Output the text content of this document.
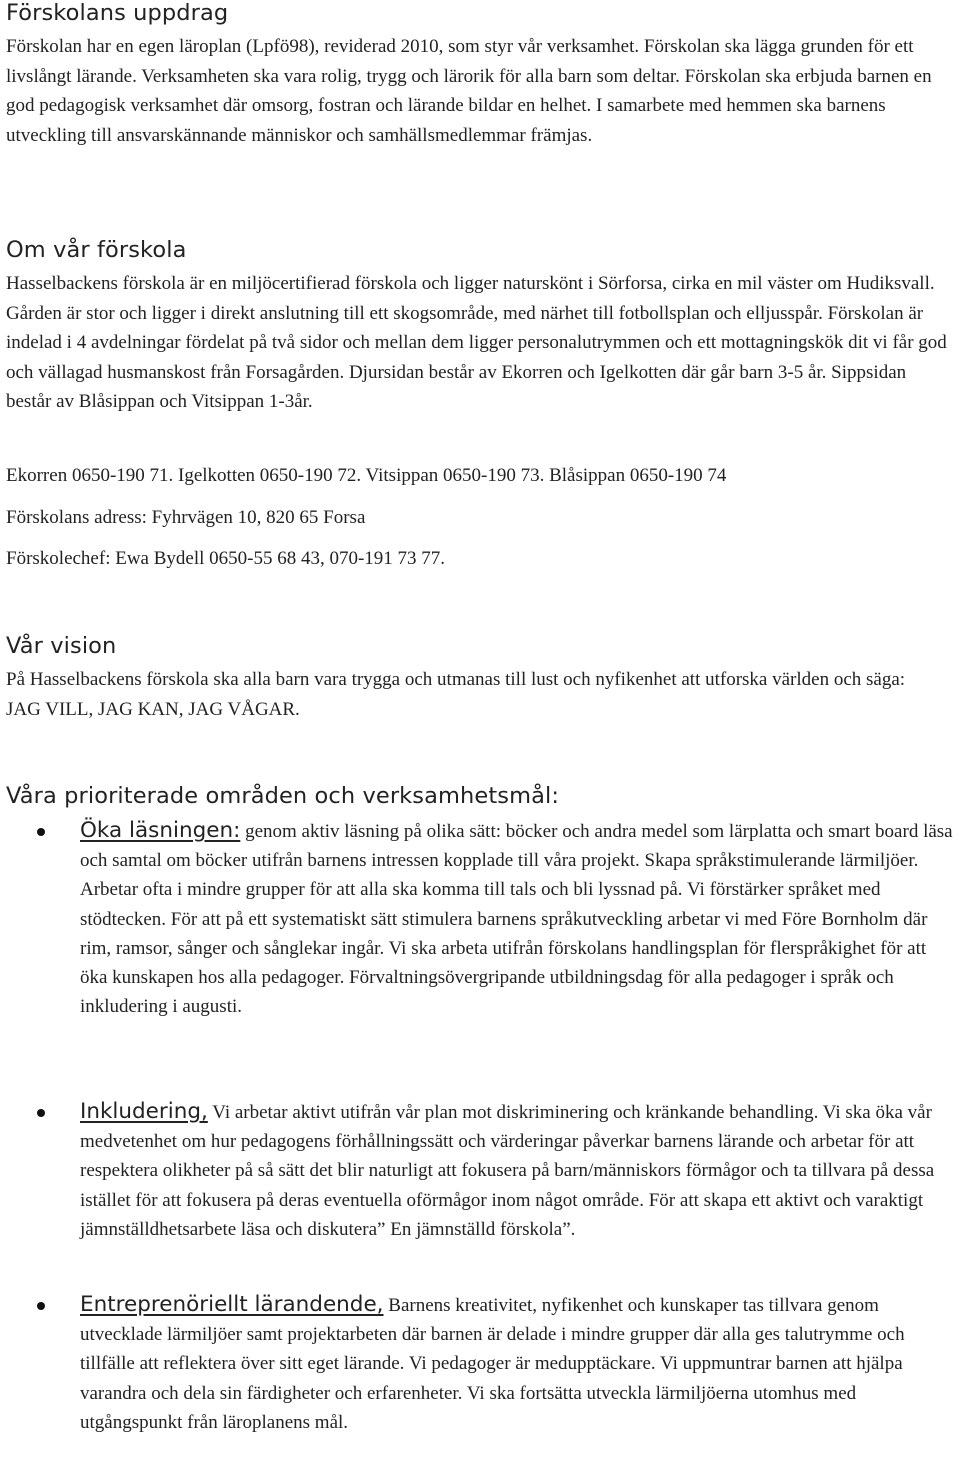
Förskolans uppdrag

Förskolan har en egen läroplan (Lpfö98), reviderad 2010, som styr vår verksamhet. Förskolan ska lägga grunden för ett livslångt lärande. Verksamheten ska vara rolig, trygg och lärorik för alla barn som deltar. Förskolan ska erbjuda barnen en god pedagogisk verksamhet där omsorg, fostran och lärande bildar en helhet. I samarbete med hemmen ska barnens utveckling till ansvarskännande människor och samhällsmedlemmar främjas.

Om vår förskola

Hasselbackens förskola är en miljöcertifierad förskola och ligger naturskönt i Sörforsa, cirka en mil väster om Hudiksvall. Gården är stor och ligger i direkt anslutning till ett skogsområde, med närhet till fotbollsplan och elljusspår. Förskolan är indelad i 4 avdelningar fördelat på två sidor och mellan dem ligger personalutrymmen och ett mottagningskök dit vi får god och vällagad husmanskost från Forsagården. Djursidan består av Ekorren och Igelkotten där går barn 3-5 år. Sippsidan består av Blåsippan och Vitsippan 1-3år.

Ekorren 0650-190 71. Igelkotten 0650-190 72. Vitsippan 0650-190 73. Blåsippan 0650-190 74

Förskolans adress: Fyhrvägen 10, 820 65 Forsa

Förskolechef: Ewa Bydell 0650-55 68 43, 070-191 73 77.

Vår vision

På Hasselbackens förskola ska alla barn vara trygga och utmanas till lust och nyfikenhet att utforska världen och säga: JAG VILL, JAG KAN, JAG VÅGAR.

Våra prioriterade områden och verksamhetsmål:

Öka läsningen: genom aktiv läsning på olika sätt: böcker och andra medel som lärplatta och smart board läsa och samtal om böcker utifrån barnens intressen kopplade till våra projekt. Skapa språkstimulerande lärmiljöer. Arbetar ofta i mindre grupper för att alla ska komma till tals och bli lyssnad på. Vi förstärker språket med stödtecken. För att på ett systematiskt sätt stimulera barnens språkutveckling arbetar vi med Före Bornholm där rim, ramsor, sånger och sånglekar ingår. Vi ska arbeta utifrån förskolans handlingsplan för flerspråkighet för att öka kunskapen hos alla pedagoger. Förvaltningsövergripande utbildningsdag för alla pedagoger i språk och inkludering i augusti.

Inkludering, Vi arbetar aktivt utifrån vår plan mot diskriminering och kränkande behandling. Vi ska öka vår medvetenhet om hur pedagogens förhållningssätt och värderingar påverkar barnens lärande och arbetar för att respektera olikheter på så sätt det blir naturligt att fokusera på barn/människors förmågor och ta tillvara på dessa istället för att fokusera på deras eventuella oförmågor inom något område. För att skapa ett aktivt och varaktigt jämnställdhetsarbete läsa och diskutera” En jämnställd förskola”.

Entreprenöriellt lärandende, Barnens kreativitet, nyfikenhet och kunskaper tas tillvara genom utvecklade lärmiljöer samt projektarbeten där barnen är delade i mindre grupper där alla ges talutrymme och tillfälle att reflektera över sitt eget lärande. Vi pedagoger är medupptäckare. Vi uppmuntrar barnen att hjälpa varandra och dela sin färdigheter och erfarenheter. Vi ska fortsätta utveckla lärmiljöerna utomhus med utgångspunkt från läroplanens mål.
